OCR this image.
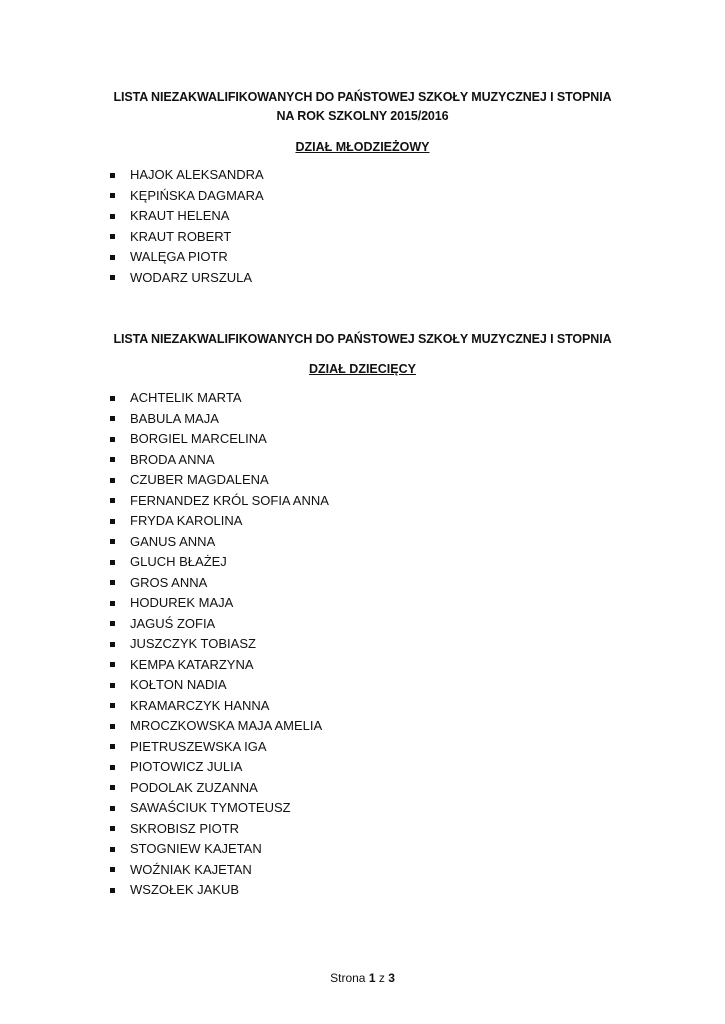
LISTA NIEZAKWALIFIKOWANYCH DO PAŃSTOWEJ SZKOŁY MUZYCZNEJ I STOPNIA
NA ROK SZKOLNY 2015/2016
DZIAŁ MŁODZIEŻOWY
HAJOK ALEKSANDRA
KĘPIŃSKA DAGMARA
KRAUT HELENA
KRAUT ROBERT
WALĘGA PIOTR
WODARZ URSZULA
LISTA NIEZAKWALIFIKOWANYCH DO PAŃSTOWEJ SZKOŁY MUZYCZNEJ I STOPNIA
DZIAŁ DZIECIĘCY
ACHTELIK MARTA
BABULA MAJA
BORGIEL MARCELINA
BRODA ANNA
CZUBER MAGDALENA
FERNANDEZ KRÓL SOFIA ANNA
FRYDA KAROLINA
GANUS ANNA
GLUCH BŁAŻEJ
GROS ANNA
HODUREK MAJA
JAGUŚ ZOFIA
JUSZCZYK TOBIASZ
KEMPA KATARZYNA
KOŁTON NADIA
KRAMARCZYK HANNA
MROCZKOWSKA MAJA AMELIA
PIETRUSZEWSKA IGA
PIOTOWICZ JULIA
PODOLAK ZUZANNA
SAWAŚCIUK TYMOTEUSZ
SKROBISZ PIOTR
STOGNIEW KAJETAN
WOŹNIAK KAJETAN
WSZOŁEK JAKUB
Strona 1 z 3
